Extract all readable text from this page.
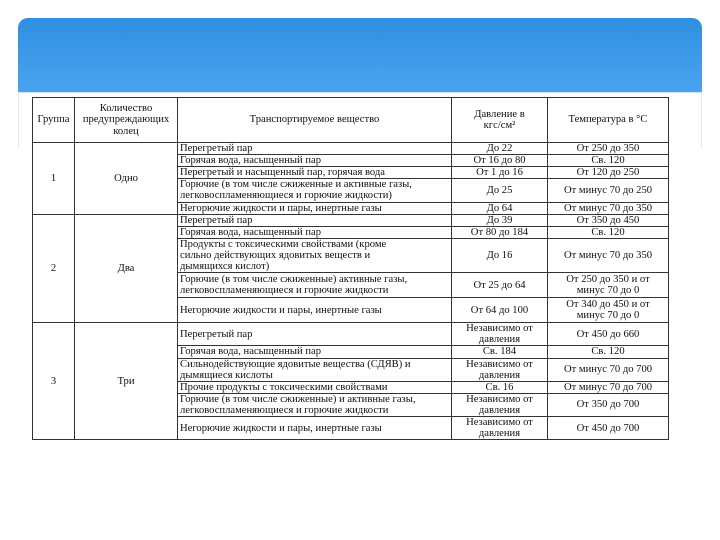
Группа	Количество
предупреждающих
колец	Транспортируемое вещество	Давление в
кгс/см²	Температура в °С
1	Одно	Перегретый пар	До 22	От 250 до 350

		Горячая вода, насыщенный пар	От 16 до 80	Св. 120

		Перегретый и насыщенный пар, горячая вода	От 1 до 16	От 120 до 250

		Горючие (в том числе сжиженные и активные газы,
легковоспламеняющиеся и горючие жидкости)	До 25	От минус 70 до 250

		Негорючие жидкости и пары, инертные газы	До 64	От минус 70 до 350
2	Два	Перегретый пар	До 39	От 350 до 450

		Горячая вода, насыщенный пар	От 80 до 184	Св. 120

		Продукты с токсическими свойствами (кроме
сильно действующих ядовитых веществ и
дымящихся кислот)	До 16	От минус 70 до 350

		Горючие (в том числе сжиженные) активные газы,
легковоспламеняющиеся и горючие жидкости	От 25 до 64	От 250 до 350 и от
минус 70 до 0

		Негорючие жидкости и пары, инертные газы	От 64 до 100	От 340 до 450 и от
минус 70 до 0
3	Три	Перегретый пар	Независимо от
давления	От 450 до 660

		Горячая вода, насыщенный пар	Св. 184	Св. 120

		Сильнодействующие ядовитые вещества (СДЯВ) и
дымящиеся кислоты	Независимо от
давления	От минус 70 до 700

		Прочие продукты с токсическими свойствами	Св. 16	От минус 70 до 700

		Горючие (в том числе сжиженные) и активные газы,
легковоспламеняющиеся и горючие жидкости	Независимо от
давления	От 350 до 700

		Негорючие жидкости и пары, инертные газы	Независимо от
давления	От 450 до 700
